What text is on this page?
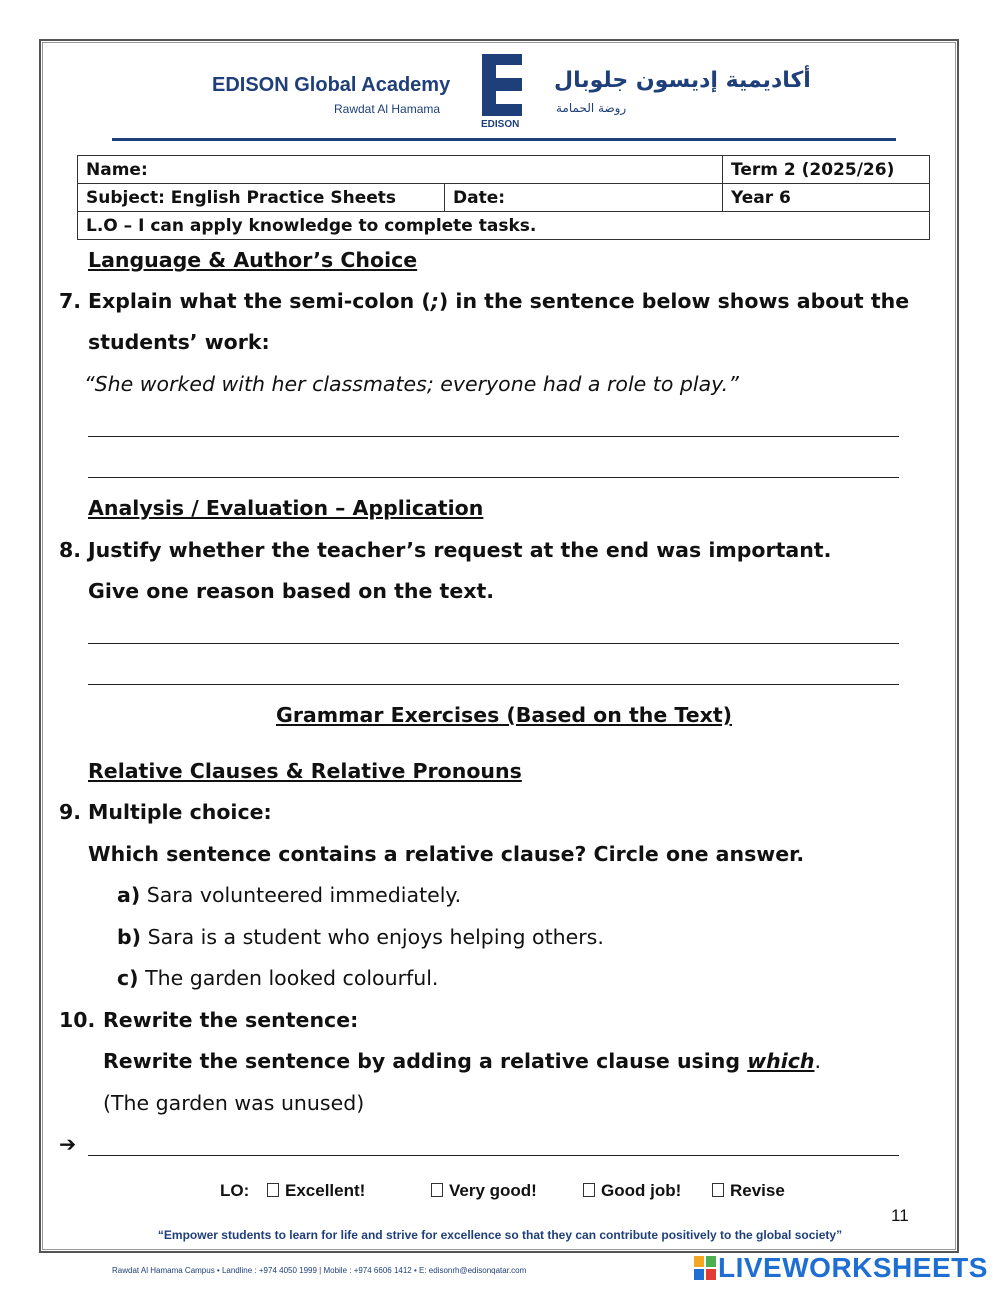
EDISON Global Academy
Rawdat Al Hamama
EDISON
أكاديمية إديسون جلوبال
روضة الحمامة
Name:		Term 2 (2025/26)
Subject: English Practice Sheets	Date:	Year 6
L.O – I can apply knowledge to complete tasks.		
Language & Author’s Choice
7. Explain what the semi-colon (;) in the sentence below shows about the
students’ work:
“She worked with her classmates; everyone had a role to play.”
Analysis / Evaluation – Application
8. Justify whether the teacher’s request at the end was important.
Give one reason based on the text.
Grammar Exercises (Based on the Text)
Relative Clauses & Relative Pronouns
9. Multiple choice:
Which sentence contains a relative clause? Circle one answer.
a) Sara volunteered immediately.
b) Sara is a student who enjoys helping others.
c) The garden looked colourful.
10. Rewrite the sentence:
Rewrite the sentence by adding a relative clause using which.
(The garden was unused)
➔
LO:	Excellent!	Very good!	Good job!	Revise
11
“Empower students to learn for life and strive for excellence so that they can contribute positively to the global society”
Rawdat Al Hamama Campus • Landline : +974 4050 1999 | Mobile : +974 6606 1412 • E: edisonrh@edisonqatar.com	LIVEWORKSHEETS
